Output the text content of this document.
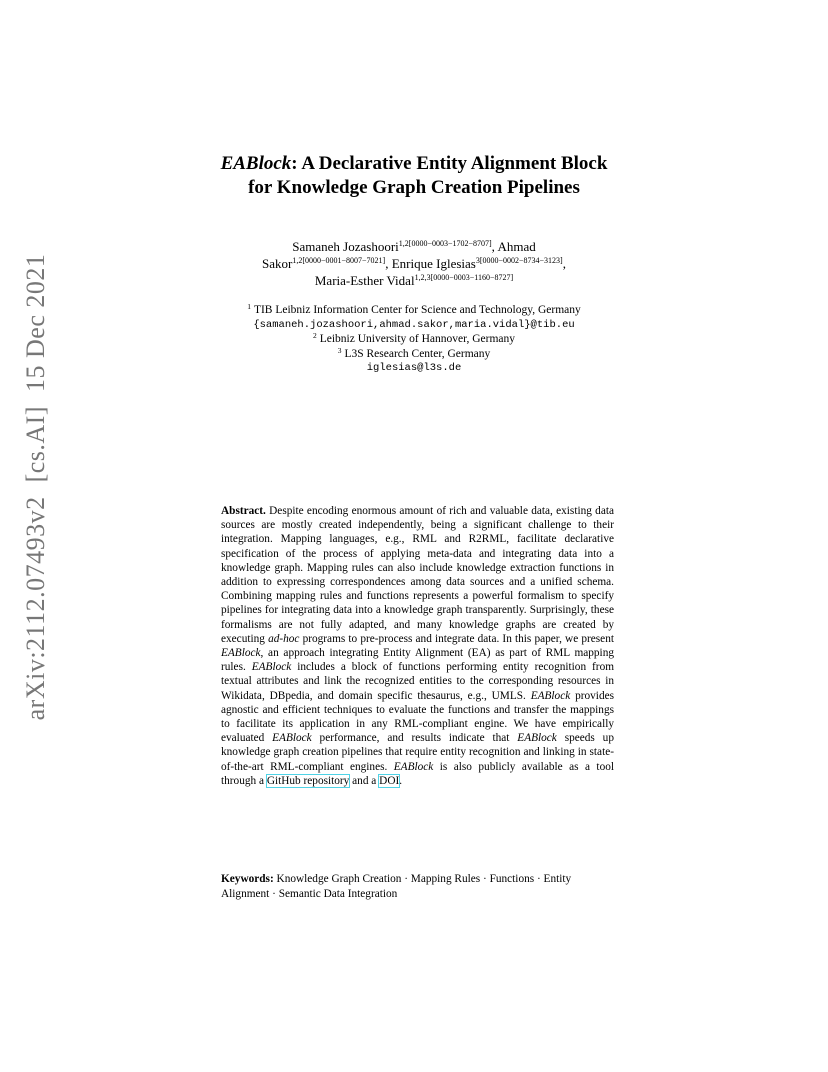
arXiv:2112.07493v2[cs.AI]15 Dec 2021
EABlock: A Declarative Entity Alignment Block
for Knowledge Graph Creation Pipelines
Samaneh Jozashoori$^{1,2[0000-0003-1702-8707]}$, Ahmad
Sakor$^{1,2[0000-0001-8007-7021]}$, Enrique Iglesias$^{3[0000-0002-8734-3123]}$,
Maria-Esther Vidal$^{1,2,3[0000-0003-1160-8727]}$
$^1$ TIB Leibniz Information Center for Science and Technology, Germany
{samaneh.jozashoori,ahmad.sakor,maria.vidal}@tib.eu
$^2$ Leibniz University of Hannover, Germany
$^3$ L3S Research Center, Germany
iglesias@l3s.de
Abstract. Despite encoding enormous amount of rich and valuable data, existing data sources are mostly created independently, being a significant challenge to their integration. Mapping languages, e.g., RML and R2RML, facilitate declarative specification of the process of applying meta-data and integrating data into a knowledge graph. Mapping rules can also include knowledge extraction functions in addition to expressing correspondences among data sources and a unified schema. Combining mapping rules and functions represents a powerful formalism to specify pipelines for integrating data into a knowledge graph transparently. Surprisingly, these formalisms are not fully adapted, and many knowledge graphs are created by executing ad-hoc programs to pre-process and integrate data. In this paper, we present EABlock, an approach integrating Entity Alignment (EA) as part of RML mapping rules. EABlock includes a block of functions performing entity recognition from textual attributes and link the recognized entities to the corresponding resources in Wikidata, DBpedia, and domain specific thesaurus, e.g., UMLS. EABlock provides agnostic and efficient techniques to evaluate the functions and transfer the mappings to facilitate its application in any RML-compliant engine. We have empirically evaluated EABlock performance, and results indicate that EABlock speeds up knowledge graph creation pipelines that require entity recognition and linking in state-of-the-art RML-compliant engines. EABlock is also publicly available as a tool through a GitHub repository and a DOI.
Keywords: Knowledge Graph Creation · Mapping Rules · Functions · Entity Alignment · Semantic Data Integration
